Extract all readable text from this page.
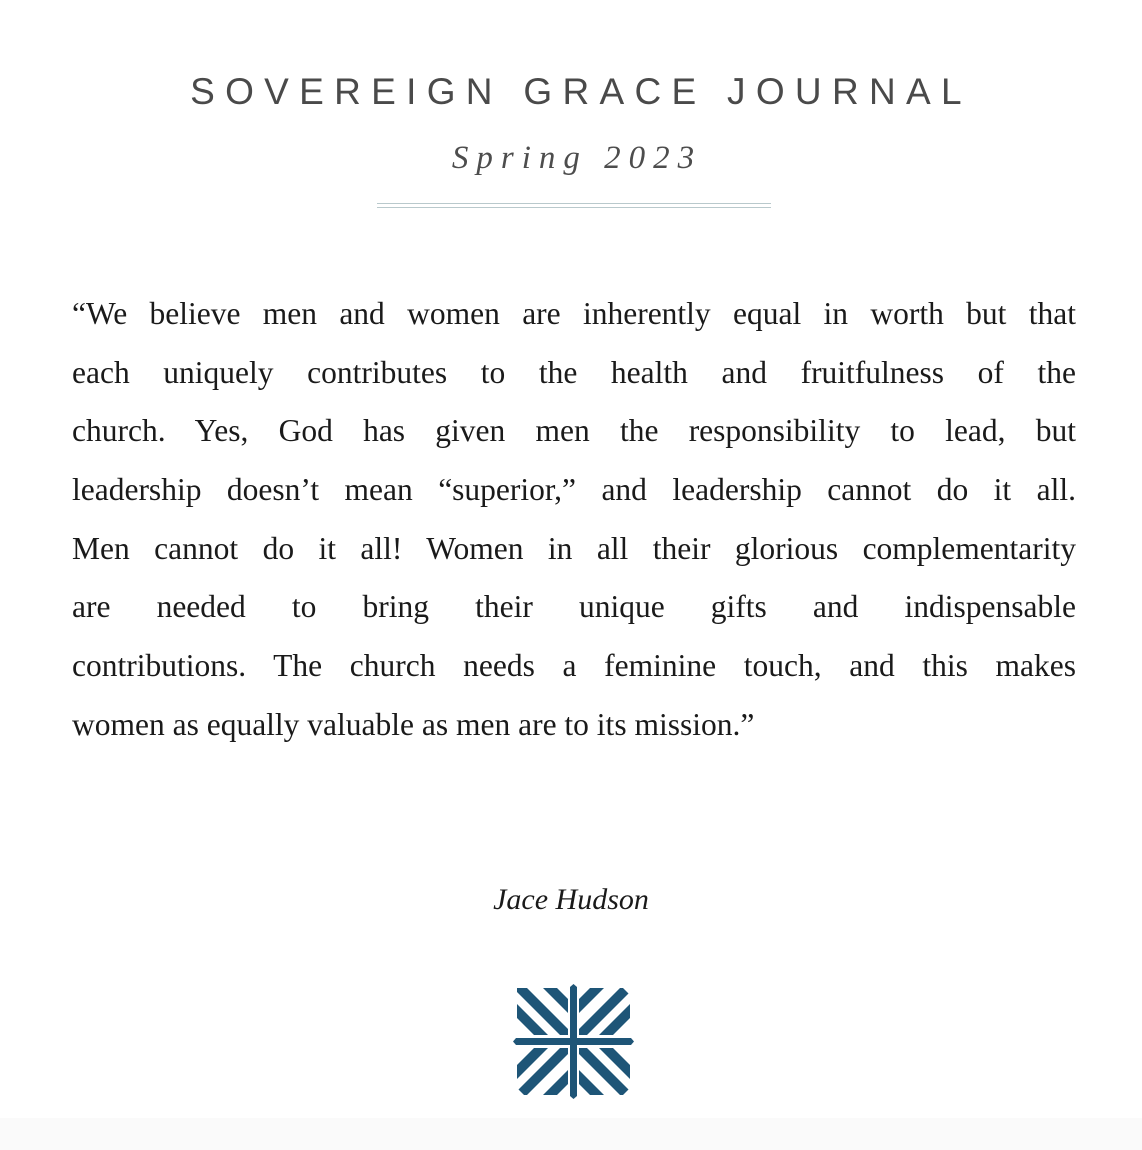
SOVEREIGN GRACE JOURNAL
Spring 2023
“We believe men and women are inherently equal in worth but that
each uniquely contributes to the health and fruitfulness of the
church. Yes, God has given men the responsibility to lead, but
leadership doesn’t mean “superior,” and leadership cannot do it all.
Men cannot do it all! Women in all their glorious complementarity
are needed to bring their unique gifts and indispensable
contributions. The church needs a feminine touch, and this makes
women as equally valuable as men are to its mission.”
Jace Hudson
